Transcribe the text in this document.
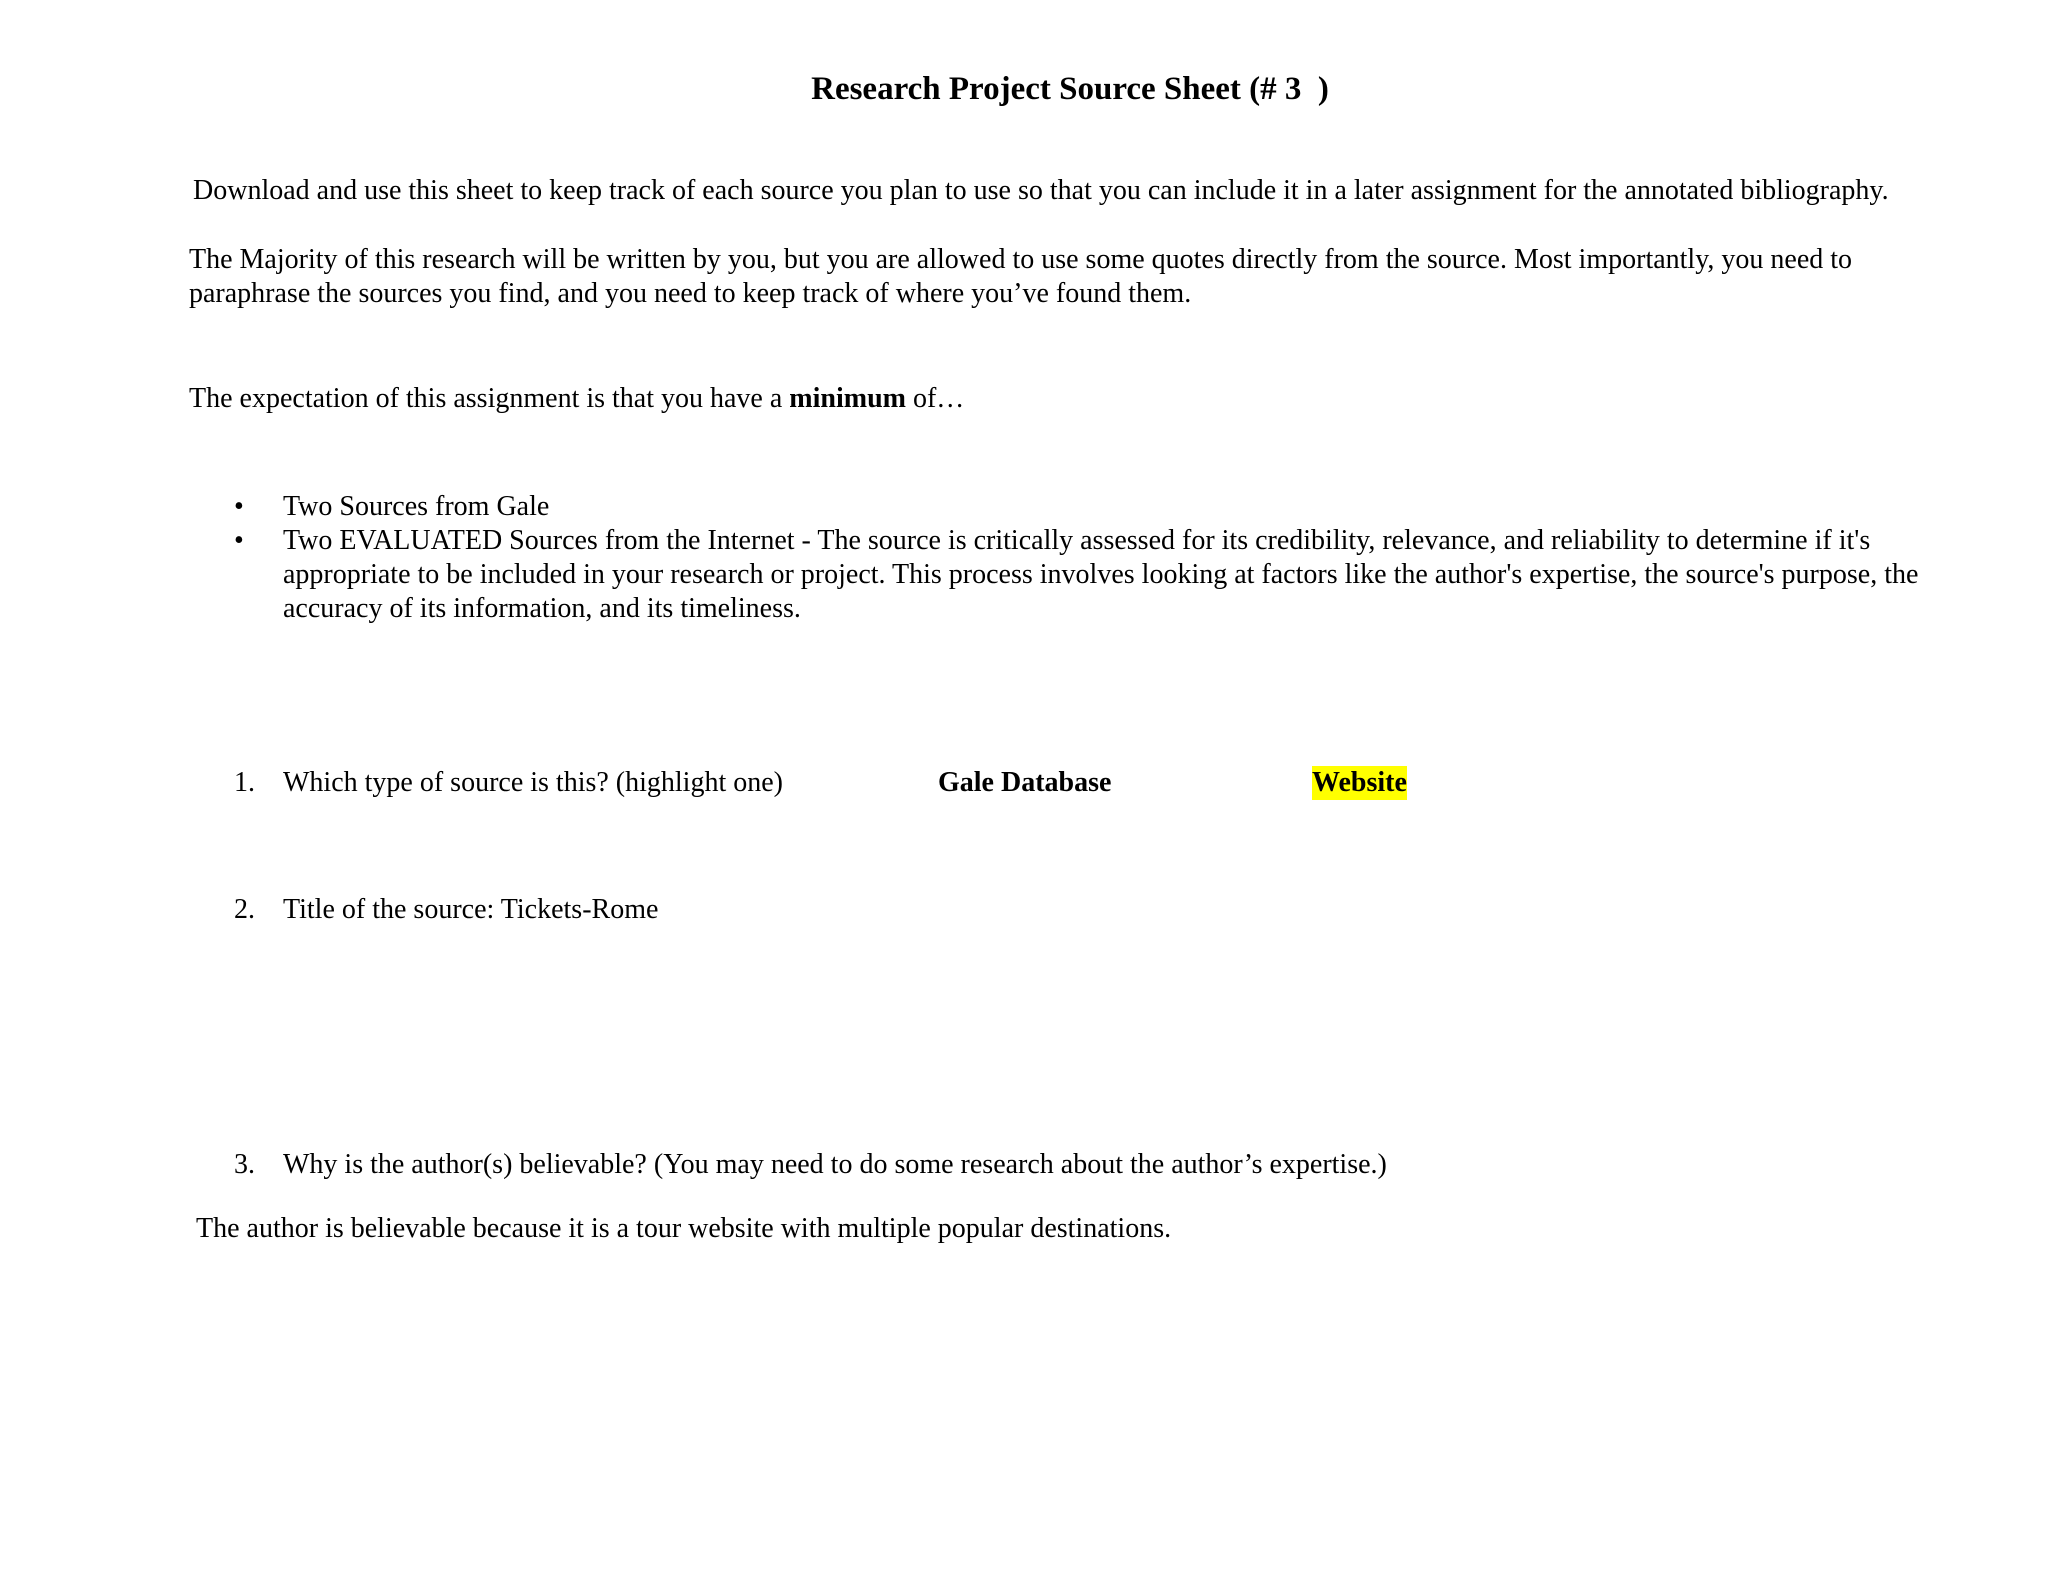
Research Project Source Sheet (# 3  )
Download and use this sheet to keep track of each source you plan to use so that you can include it in a later assignment for the annotated bibliography.
The Majority of this research will be written by you, but you are allowed to use some quotes directly from the source. Most importantly, you need to paraphrase the sources you find, and you need to keep track of where you’ve found them.
The expectation of this assignment is that you have a minimum of…
• Two Sources from Gale
• Two EVALUATED Sources from the Internet - The source is critically assessed for its credibility, relevance, and reliability to determine if it's appropriate to be included in your research or project. This process involves looking at factors like the author's expertise, the source's purpose, the accuracy of its information, and its timeliness.
1. Which type of source is this? (highlight one)	Gale Database	Website
2. Title of the source: Tickets-Rome
3. Why is the author(s) believable? (You may need to do some research about the author’s expertise.)
The author is believable because it is a tour website with multiple popular destinations.
